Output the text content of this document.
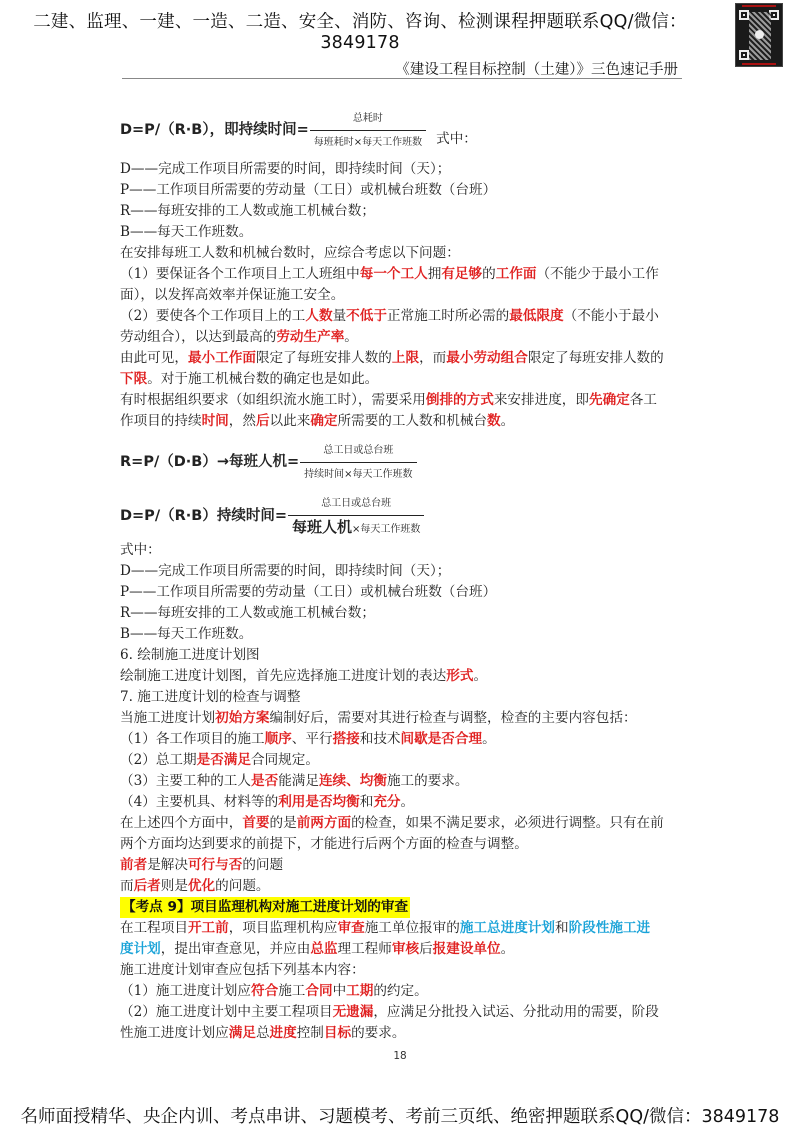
二建、监理、一建、一造、二造、安全、消防、咨询、检测课程押题联系QQ/微信：3849178
《建设工程目标控制（土建）》三色速记手册
D=P/（R·B），即持续时间= $\frac{\text{总耗时}}{\text{每班耗时×每天工作班数}}$ 式中：
D——完成工作项目所需要的时间，即持续时间（天）；
P——工作项目所需要的劳动量（工日）或机械台班数（台班）
R——每班安排的工人数或施工机械台数；
B——每天工作班数。
在安排每班工人数和机械台数时，应综合考虑以下问题：
（1）要保证各个工作项目上工人班组中每一个工人拥有足够的工作面（不能少于最小工作
面），以发挥高效率并保证施工安全。
（2）要使各个工作项目上的工人数量不低于正常施工时所必需的最低限度（不能小于最小
劳动组合），以达到最高的劳动生产率。
由此可见，最小工作面限定了每班安排人数的上限，而最小劳动组合限定了每班安排人数的
下限。对于施工机械台数的确定也是如此。
有时根据组织要求（如组织流水施工时），需要采用倒排的方式来安排进度，即先确定各工
作项目的持续时间，然后以此来确定所需要的工人数和机械台数。
R=P/（D·B）→每班人机= $\frac{\text{总工日或总台班}}{\text{持续时间×每天工作班数}}$
D=P/（R·B）持续时间= $\frac{\text{总工日或总台班}}{\text{每班人机×每天工作班数}}$
式中：
D——完成工作项目所需要的时间，即持续时间（天）；
P——工作项目所需要的劳动量（工日）或机械台班数（台班）
R——每班安排的工人数或施工机械台数；
B——每天工作班数。
6. 绘制施工进度计划图
绘制施工进度计划图，首先应选择施工进度计划的表达形式。
7. 施工进度计划的检查与调整
当施工进度计划初始方案编制好后，需要对其进行检查与调整，检查的主要内容包括：
（1）各工作项目的施工顺序、平行搭接和技术间歇是否合理。
（2）总工期是否满足合同规定。
（3）主要工种的工人是否能满足连续、均衡施工的要求。
（4）主要机具、材料等的利用是否均衡和充分。
在上述四个方面中，首要的是前两方面的检查，如果不满足要求，必须进行调整。只有在前
两个方面均达到要求的前提下，才能进行后两个方面的检查与调整。
前者是解决可行与否的问题
而后者则是优化的问题。
【考点 9】项目监理机构对施工进度计划的审查
在工程项目开工前，项目监理机构应审查施工单位报审的施工总进度计划和阶段性施工进
度计划，提出审查意见，并应由总监理工程师审核后报建设单位。
施工进度计划审查应包括下列基本内容：
（1）施工进度计划应符合施工合同中工期的约定。
（2）施工进度计划中主要工程项目无遗漏，应满足分批投入试运、分批动用的需要，阶段
性施工进度计划应满足总进度控制目标的要求。
18
名师面授精华、央企内训、考点串讲、习题模考、考前三页纸、绝密押题联系QQ/微信：3849178
